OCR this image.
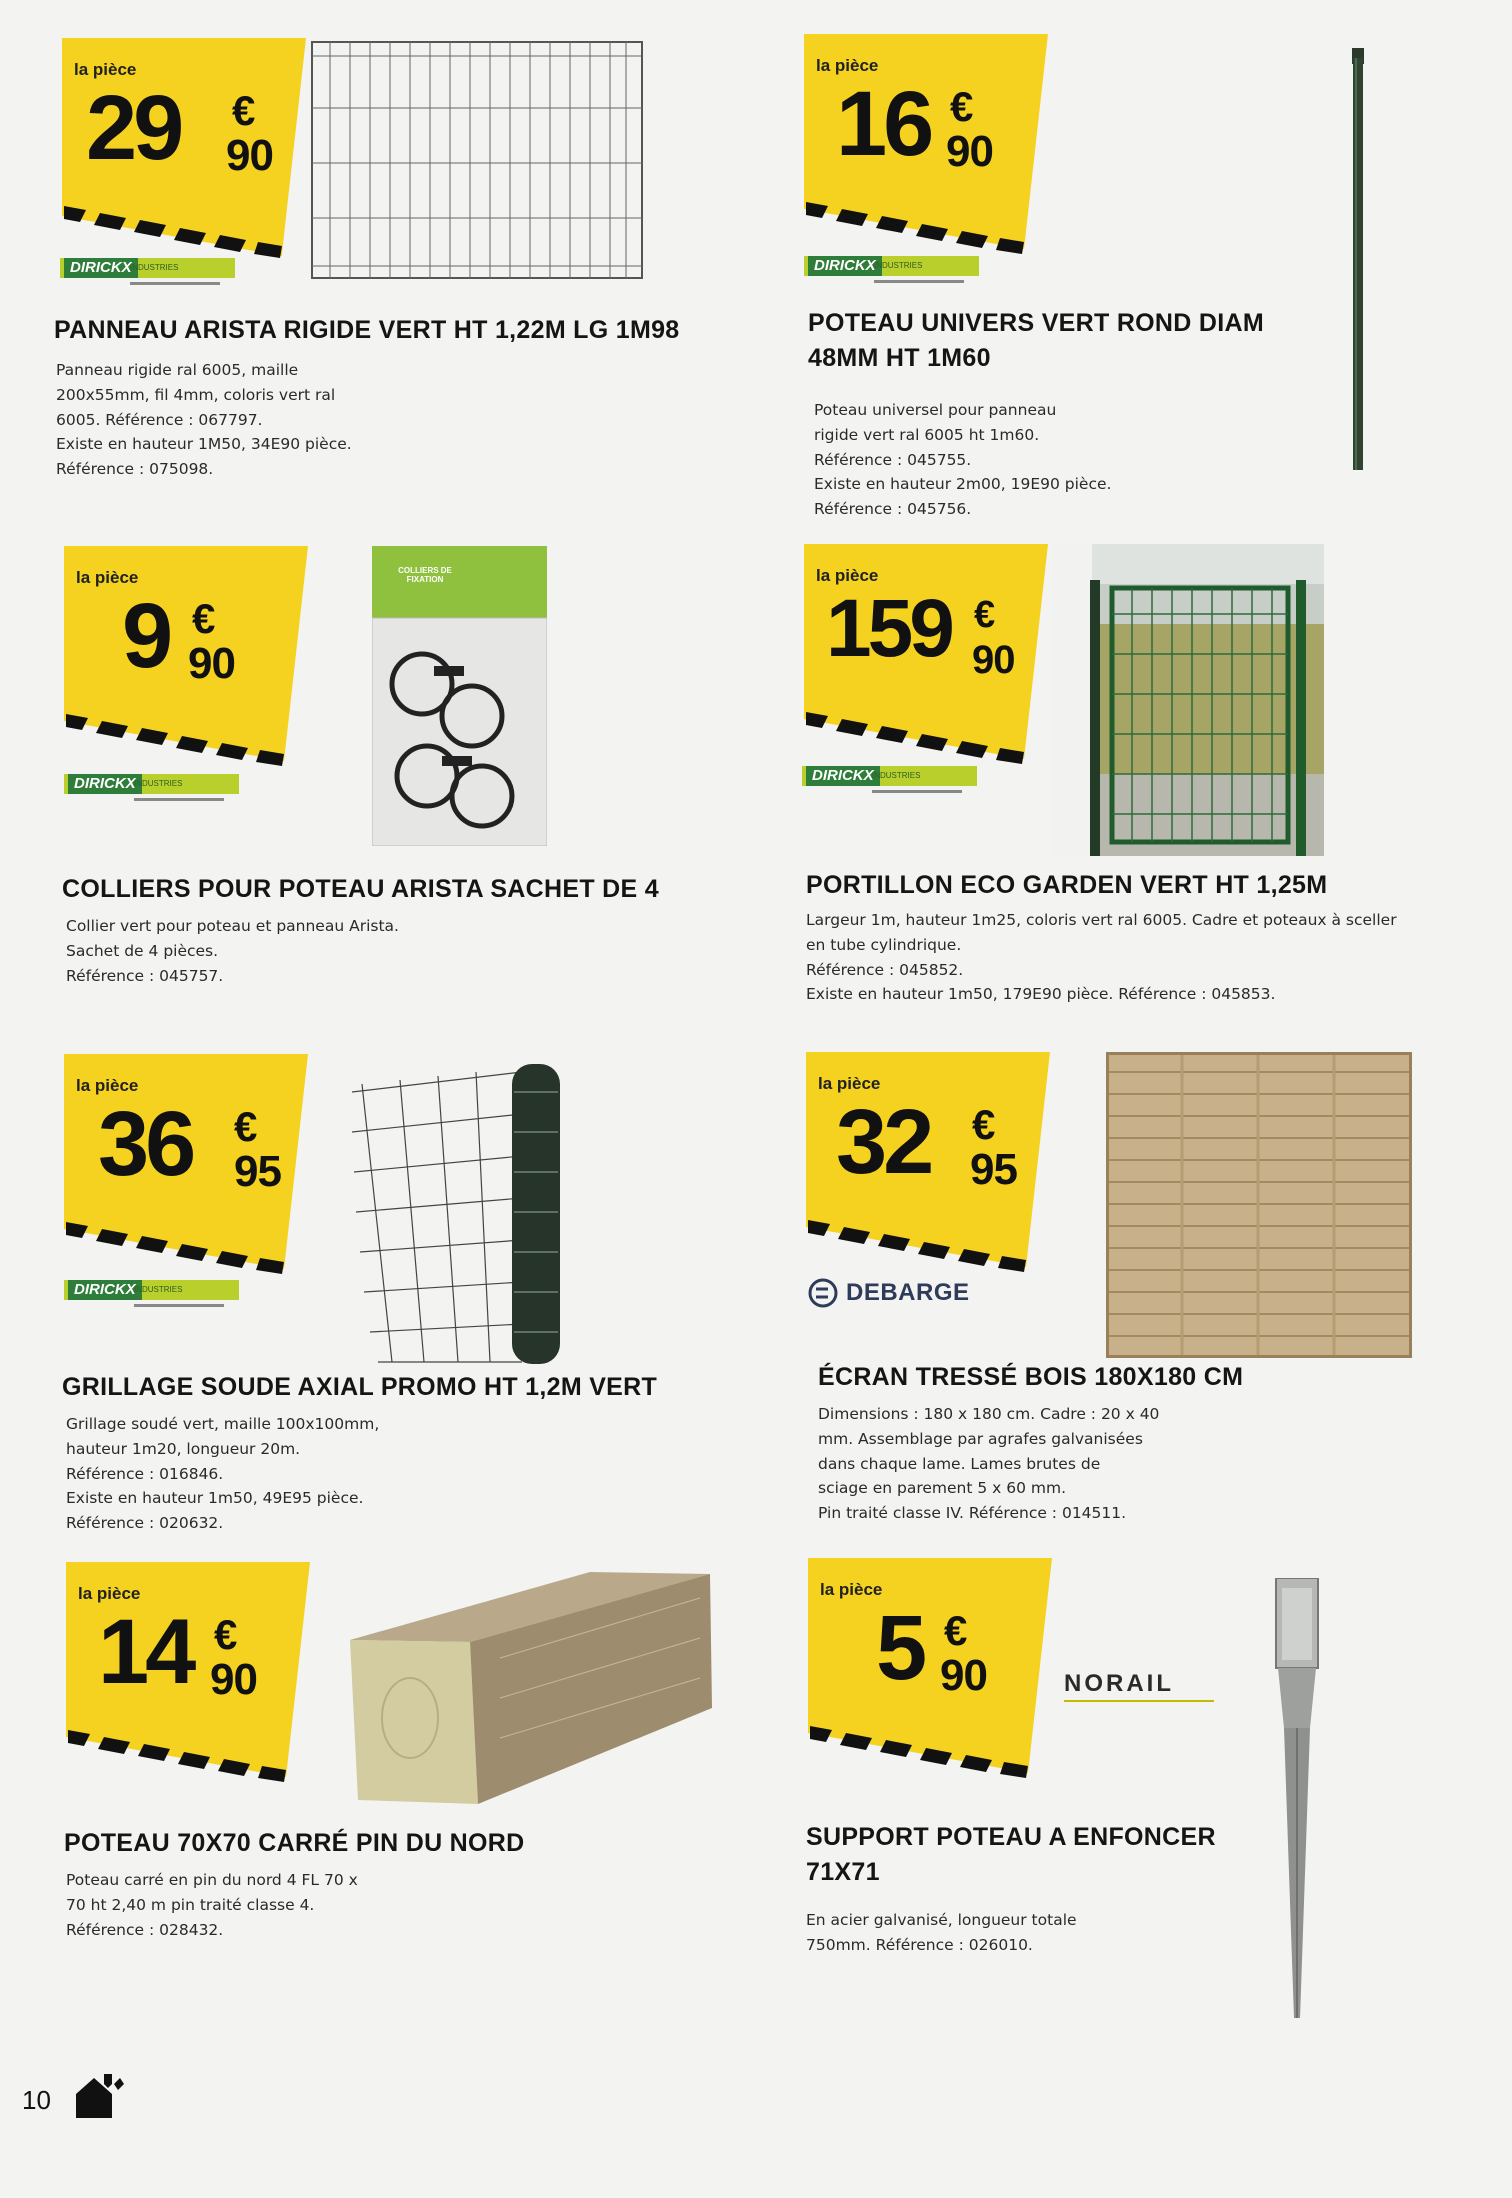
la pièce
29 €
90
DIRICKX
INDUSTRIES
PANNEAU ARISTA RIGIDE VERT HT 1,22M LG 1M98
Panneau rigide ral 6005, maille
200x55mm, fil 4mm, coloris vert ral
6005. Référence : 067797.
Existe en hauteur 1M50, 34E90 pièce.
Référence : 075098.
la pièce
16 €
90
DIRICKX
INDUSTRIES
POTEAU UNIVERS VERT ROND DIAM
48MM HT 1M60
Poteau universel pour panneau
rigide vert ral 6005 ht 1m60.
Référence : 045755.
Existe en hauteur 2m00, 19E90 pièce.
Référence : 045756.
la pièce
9 €
90
DIRICKX
INDUSTRIES
COLLIERS DE FIXATION
COLLIERS POUR POTEAU ARISTA SACHET DE 4
Collier vert pour poteau et panneau Arista.
Sachet de 4 pièces.
Référence : 045757.
la pièce
159 €
90
DIRICKX
INDUSTRIES
PORTILLON ECO GARDEN VERT HT 1,25M
Largeur 1m, hauteur 1m25, coloris vert ral 6005. Cadre et poteaux à sceller
en tube cylindrique.
Référence : 045852.
Existe en hauteur 1m50, 179E90 pièce. Référence : 045853.
la pièce
36 €
95
DIRICKX
INDUSTRIES
GRILLAGE SOUDE AXIAL PROMO HT 1,2M VERT
Grillage soudé vert, maille 100x100mm,
hauteur 1m20, longueur 20m.
Référence : 016846.
Existe en hauteur 1m50, 49E95 pièce.
Référence : 020632.
la pièce
32 €
95
DEBARGE
ÉCRAN TRESSÉ BOIS 180X180 CM
Dimensions : 180 x 180 cm. Cadre : 20 x 40
mm. Assemblage par agrafes galvanisées
dans chaque lame. Lames brutes de
sciage en parement 5 x 60 mm.
Pin traité classe IV. Référence : 014511.
la pièce
14 €
90
POTEAU 70X70 CARRÉ PIN DU NORD
Poteau carré en pin du nord 4 FL 70 x
70 ht 2,40 m pin traité classe 4.
Référence : 028432.
la pièce
5 €
90	NORAIL
SUPPORT POTEAU A ENFONCER
71X71
En acier galvanisé, longueur totale
750mm. Référence : 026010.
10
